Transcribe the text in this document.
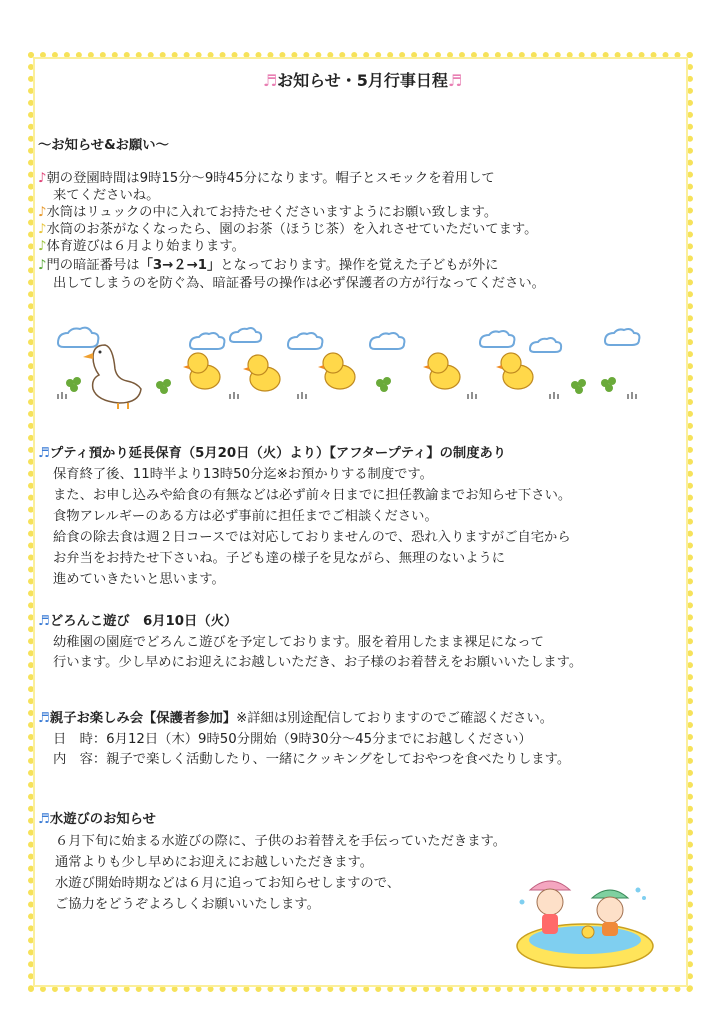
♬お知らせ・5月行事日程♬
～お知らせ&お願い～
♪朝の登園時間は9時15分～9時45分になります。帽子とスモックを着用して
来てくださいね。
♪水筒はリュックの中に入れてお持たせくださいますようにお願い致します。
♪水筒のお茶がなくなったら、園のお茶（ほうじ茶）を入れさせていただいてます。
♪体育遊びは６月より始まります。
♪門の暗証番号は「3→２→1」となっております。操作を覚えた子どもが外に
出してしまうのを防ぐ為、暗証番号の操作は必ず保護者の方が行なってください。
♬プティ預かり延長保育（5月20日（火）より）【アフタープティ】の制度あり
保育終了後、11時半より13時50分迄※お預かりする制度です。
また、お申し込みや給食の有無などは必ず前々日までに担任教諭までお知らせ下さい。
食物アレルギーのある方は必ず事前に担任までご相談ください。
給食の除去食は週２日コースでは対応しておりませんので、恐れ入りますがご自宅から
お弁当をお持たせ下さいね。子ども達の様子を見ながら、無理のないように
進めていきたいと思います。
♬どろんこ遊び　6月10日（火）
幼稚園の園庭でどろんこ遊びを予定しております。服を着用したまま裸足になって
行います。少し早めにお迎えにお越しいただき、お子様のお着替えをお願いいたします。
♬親子お楽しみ会【保護者参加】※詳細は別途配信しておりますのでご確認ください。
日　時：6月12日（木）9時50分開始（9時30分～45分までにお越しください）
内　容：親子で楽しく活動したり、一緒にクッキングをしておやつを食べたりします。
♬水遊びのお知らせ
６月下旬に始まる水遊びの際に、子供のお着替えを手伝っていただきます。
通常よりも少し早めにお迎えにお越しいただきます。
水遊び開始時期などは６月に追ってお知らせしますので、
ご協力をどうぞよろしくお願いいたします。
